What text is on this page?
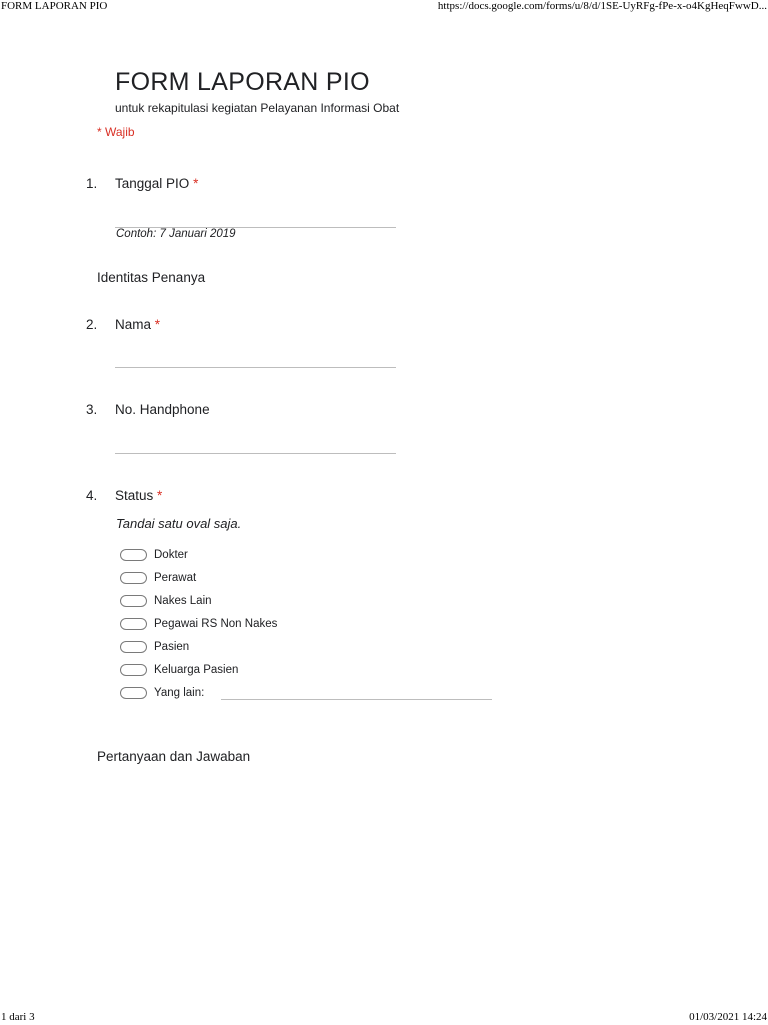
FORM LAPORAN PIO	https://docs.google.com/forms/u/8/d/1SE-UyRFg-fPe-x-o4KgHeqFwwD...
FORM LAPORAN PIO
untuk rekapitulasi kegiatan Pelayanan Informasi Obat
* Wajib
1. Tanggal PIO *
Contoh: 7 Januari 2019
Identitas Penanya
2. Nama *
3. No. Handphone
4. Status *
Tandai satu oval saja.
Dokter
Perawat
Nakes Lain
Pegawai RS Non Nakes
Pasien
Keluarga Pasien
Yang lain:
Pertanyaan dan Jawaban
1 dari 3	01/03/2021 14:24
